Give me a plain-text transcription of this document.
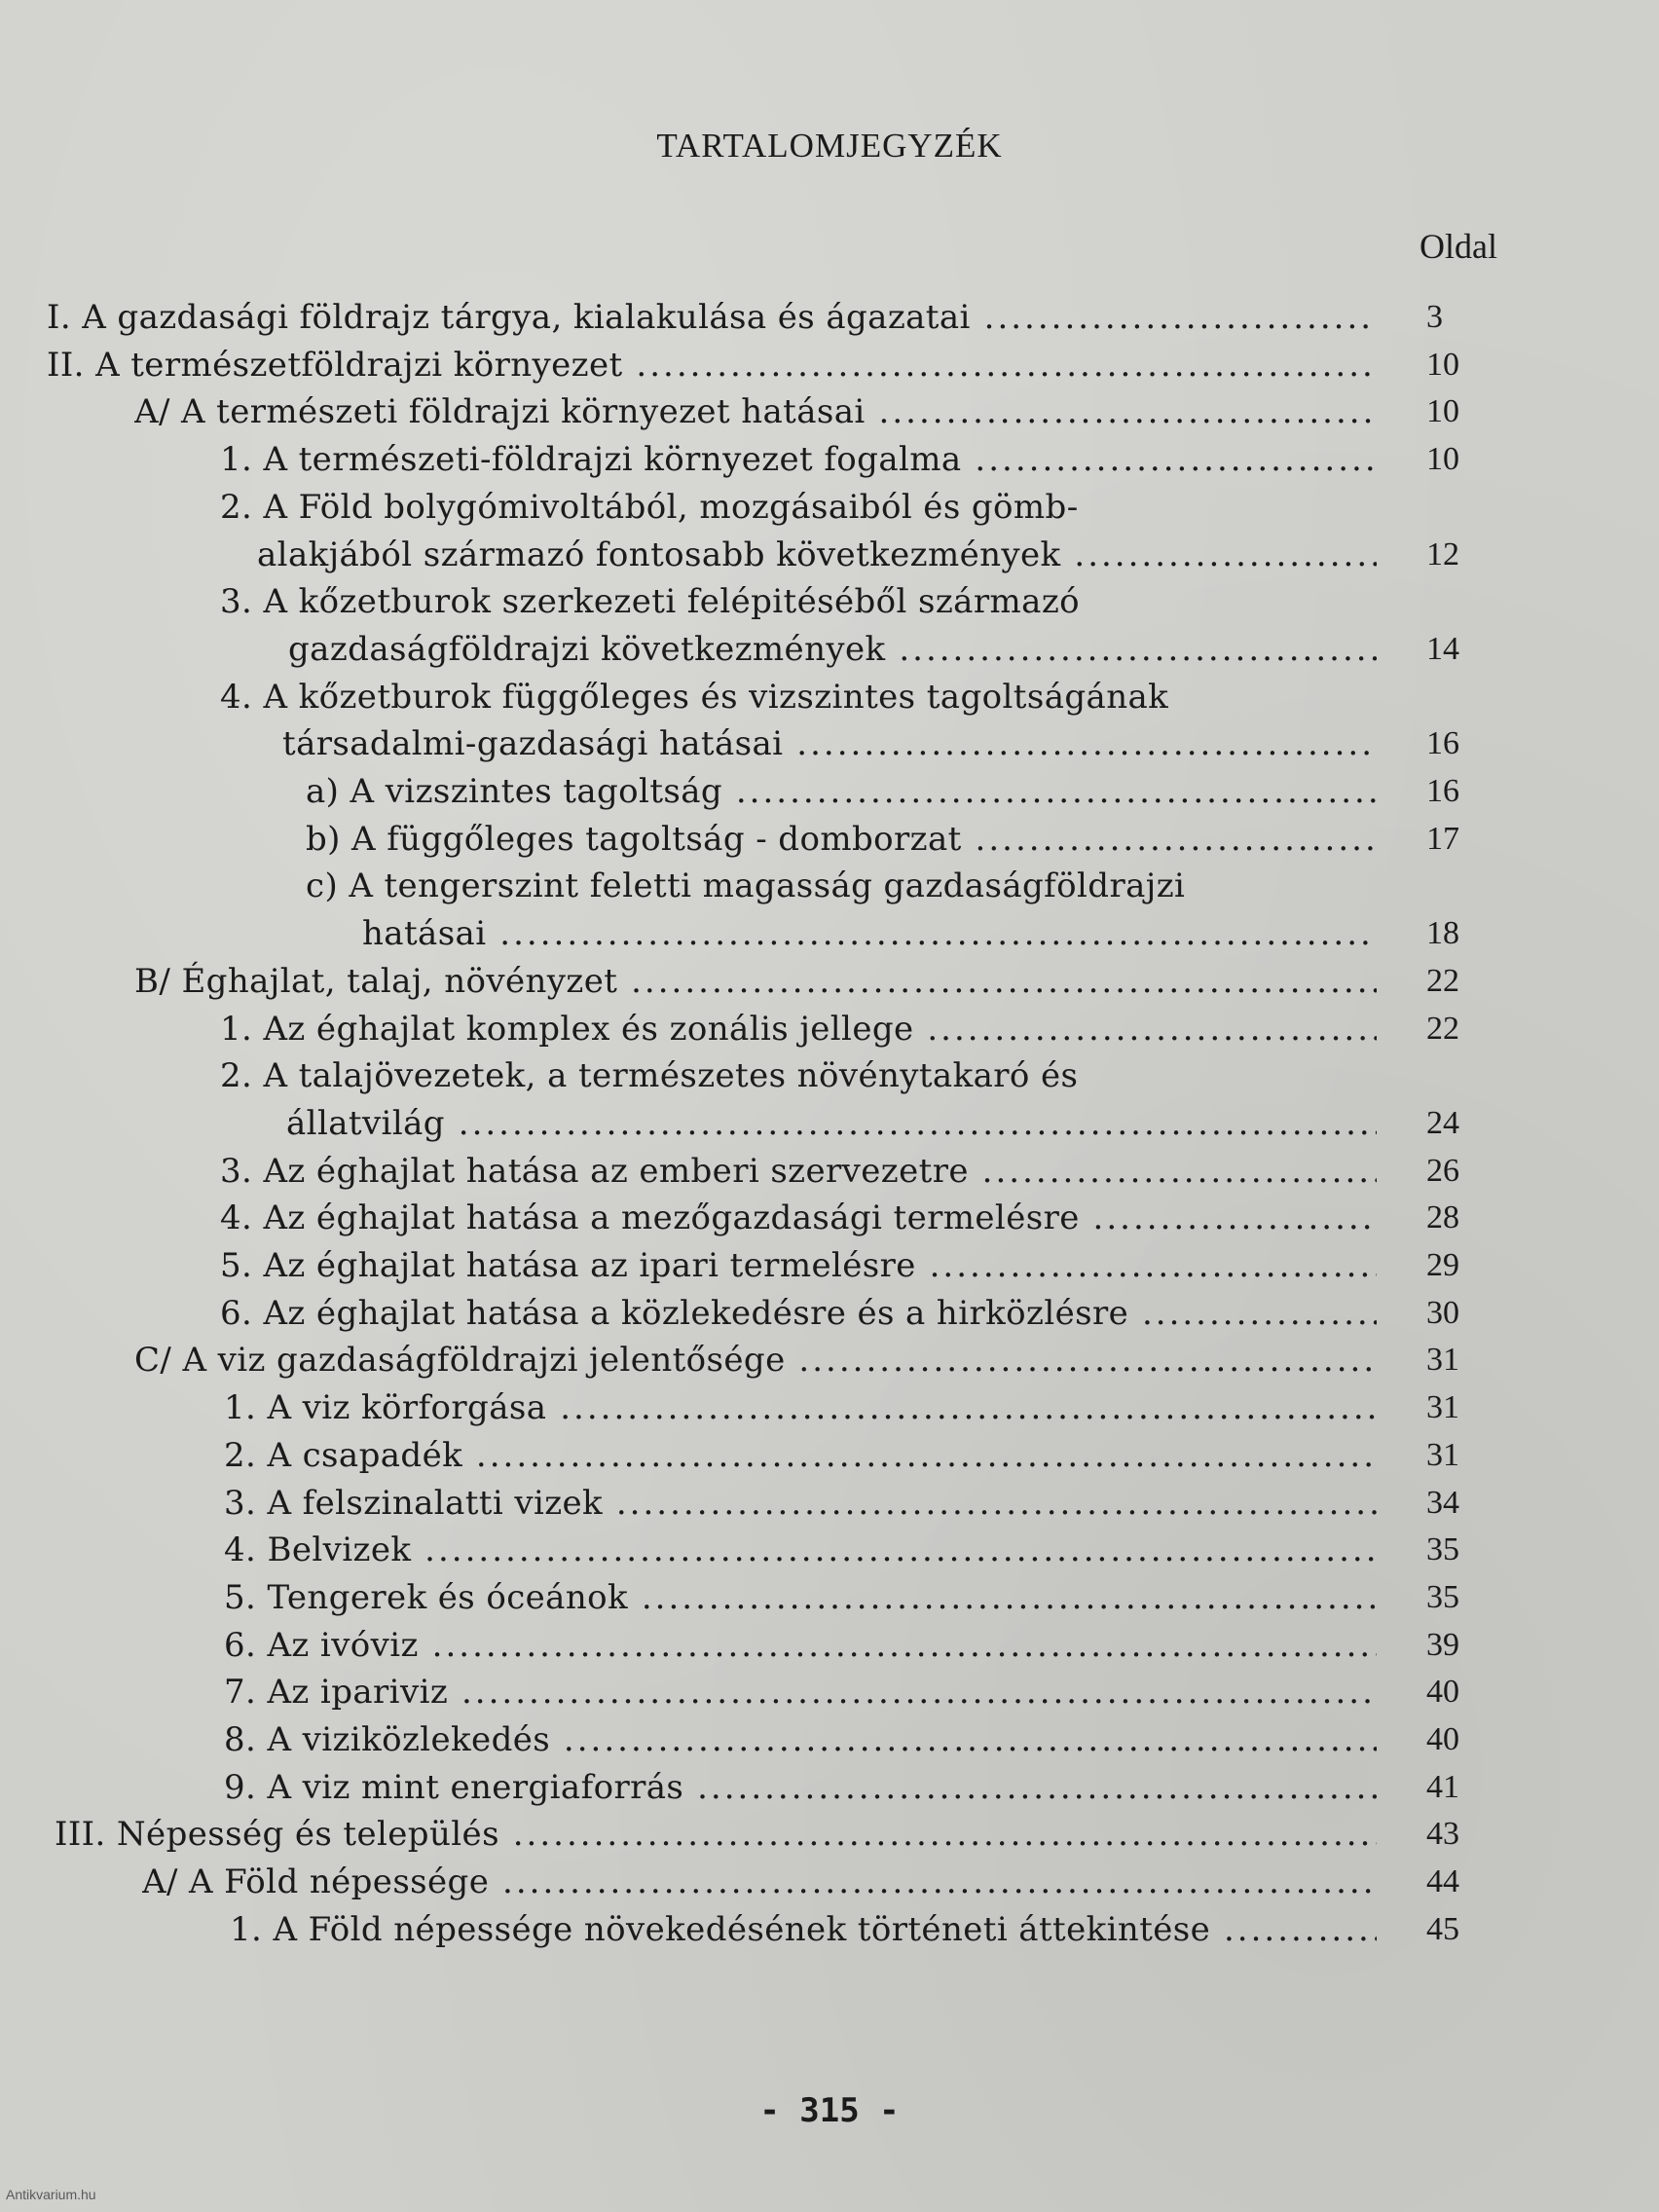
TARTALOMJEGYZÉK
Oldal
I. A gazdasági földrajz tárgya, kialakulása és ágazatai .....	3
II. A természetföldrajzi környezet .....	10
A/ A természeti földrajzi környezet hatásai .....	10
1. A természeti-földrajzi környezet fogalma .....	10
2. A Föld bolygómivoltából, mozgásaiból és gömb-
alakjából származó fontosabb következmények .....	12
3. A kőzetburok szerkezeti felépitéséből származó
gazdaságföldrajzi következmények .....	14
4. A kőzetburok függőleges és vizszintes tagoltságának
társadalmi-gazdasági hatásai .....	16
a) A vizszintes tagoltság .....	16
b) A függőleges tagoltság - domborzat .....	17
c) A tengerszint feletti magasság gazdaságföldrajzi
hatásai .....	18
B/ Éghajlat, talaj, növényzet .....	22
1. Az éghajlat komplex és zonális jellege .....	22
2. A talajövezetek, a természetes növénytakaró és
állatvilág .....	24
3. Az éghajlat hatása az emberi szervezetre .....	26
4. Az éghajlat hatása a mezőgazdasági termelésre .....	28
5. Az éghajlat hatása az ipari termelésre .....	29
6. Az éghajlat hatása a közlekedésre és a hirközlésre .....	30
C/ A viz gazdaságföldrajzi jelentősége .....	31
1. A viz körforgása .....	31
2. A csapadék .....	31
3. A felszinalatti vizek .....	34
4. Belvizek .....	35
5. Tengerek és óceánok .....	35
6. Az ivóviz .....	39
7. Az ipariviz .....	40
8. A viziközlekedés .....	40
9. A viz mint energiaforrás .....	41
III. Népesség és település .....	43
A/ A Föld népessége .....	44
1. A Föld népessége növekedésének történeti áttekintése .....	45
- 315 -
Antikvarium.hu
